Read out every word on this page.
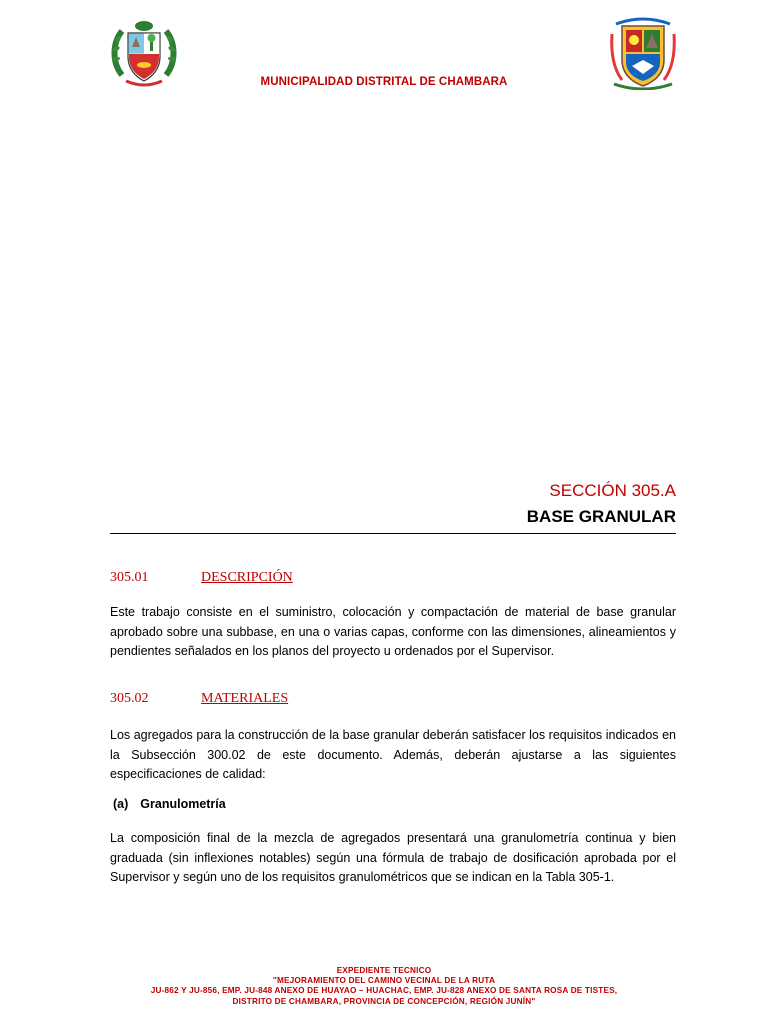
MUNICIPALIDAD DISTRITAL DE CHAMBARA
SECCIÓN 305.A
BASE GRANULAR
305.01	DESCRIPCIÓN
Este trabajo consiste en el suministro, colocación y compactación de material de base granular aprobado sobre una subbase, en una o varias capas, conforme con las dimensiones, alineamientos y pendientes señalados en los planos del proyecto u ordenados por el Supervisor.
305.02	MATERIALES
Los agregados para la construcción de la base granular deberán satisfacer los requisitos indicados en la Subsección 300.02 de este documento. Además, deberán ajustarse a las siguientes especificaciones de calidad:
(a) Granulometría
La composición final de la mezcla de agregados presentará una granulometría continua y bien graduada (sin inflexiones notables) según una fórmula de trabajo de dosificación aprobada por el Supervisor y según uno de los requisitos granulométricos que se indican en la Tabla 305-1.
EXPEDIENTE TECNICO
"MEJORAMIENTO DEL CAMINO VECINAL DE LA RUTA
JU-862 Y JU-856, EMP. JU-848 ANEXO DE HUAYAO – HUACHAC, EMP. JU-828 ANEXO DE SANTA ROSA DE TISTES,
DISTRITO DE CHAMBARA, PROVINCIA DE CONCEPCIÓN, REGIÓN JUNÍN"
